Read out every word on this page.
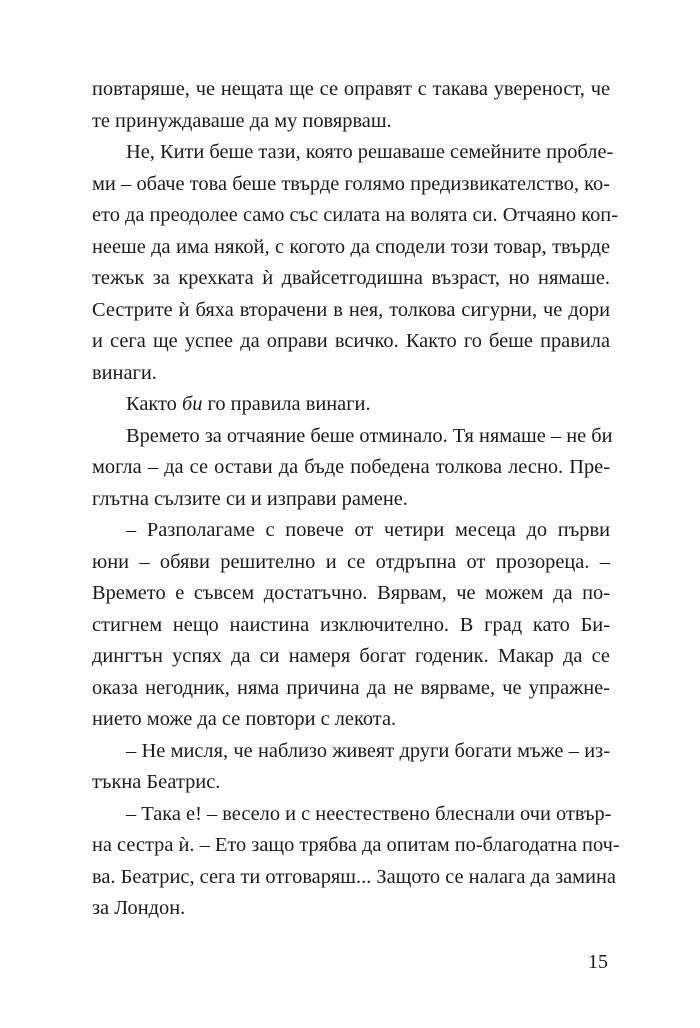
повтаряше, че нещата ще се оправят с такава увереност, че
те принуждаваше да му повярваш.
Не, Кити беше тази, която решаваше семейните пробле-
ми – обаче това беше твърде голямо предизвикателство, ко-
ето да преодолее само със силата на волята си. Отчаяно коп-
нееше да има някой, с когото да сподели този товар, твърде
тежък за крехката ѝ двайсетгодишна възраст, но нямаше.
Сестрите ѝ бяха вторачени в нея, толкова сигурни, че дори
и сега ще успее да оправи всичко. Както го беше правила
винаги.
Както би го правила винаги.
Времето за отчаяние беше отминало. Тя нямаше – не би
могла – да се остави да бъде победена толкова лесно. Пре-
глътна сълзите си и изправи рамене.
– Разполагаме с повече от четири месеца до първи
юни – обяви решително и се отдръпна от прозореца. –
Времето е съвсем достатъчно. Вярвам, че можем да по-
стигнем нещо наистина изключително. В град като Би-
дингтън успях да си намеря богат годеник. Макар да се
оказа негодник, няма причина да не вярваме, че упражне-
нието може да се повтори с лекота.
– Не мисля, че наблизо живеят други богати мъже – из-
тъкна Беатрис.
– Така е! – весело и с неестествено блеснали очи отвър-
на сестра ѝ. – Ето защо трябва да опитам по-благодатна поч-
ва. Беатрис, сега ти отговаряш... Защото се налага да замина
за Лондон.
15
